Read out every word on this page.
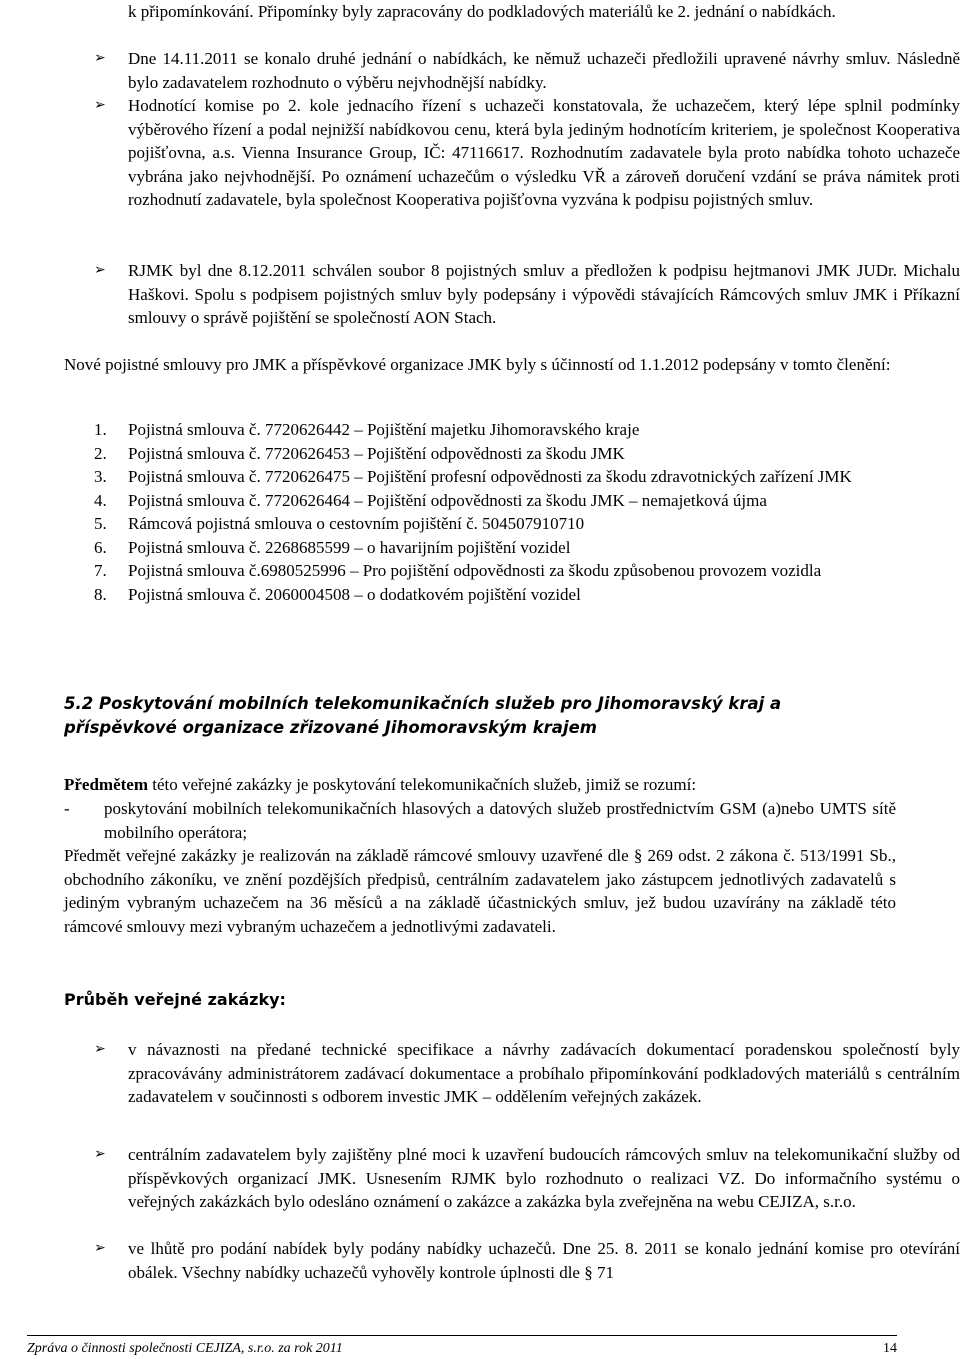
k připomínkování. Připomínky byly zapracovány do podkladových materiálů ke 2. jednání o nabídkách.

➢ Dne 14.11.2011 se konalo druhé jednání o nabídkách, ke němuž uchazeči předložili upravené návrhy smluv. Následně bylo zadavatelem rozhodnuto o výběru nejvhodnější nabídky.

➢ Hodnotící komise po 2. kole jednacího řízení s uchazeči konstatovala, že uchazečem, který lépe splnil podmínky výběrového řízení a podal nejnižší nabídkovou cenu, která byla jediným hodnotícím kriteriem, je společnost Kooperativa pojišťovna, a.s. Vienna Insurance Group, IČ: 47116617. Rozhodnutím zadavatele byla proto nabídka tohoto uchazeče vybrána jako nejvhodnější. Po oznámení uchazečům o výsledku VŘ a zároveň doručení vzdání se práva námitek proti rozhodnutí zadavatele, byla společnost Kooperativa pojišťovna vyzvána k podpisu pojistných smluv.

➢ RJMK byl dne 8.12.2011 schválen soubor 8 pojistných smluv a předložen k podpisu hejtmanovi JMK JUDr. Michalu Haškovi. Spolu s podpisem pojistných smluv byly podepsány i výpovědi stávajících Rámcových smluv JMK i Příkazní smlouvy o správě pojištění se společností AON Stach.

Nové pojistné smlouvy pro JMK a příspěvkové organizace JMK byly s účinností od 1.1.2012 podepsány v tomto členění:

1. Pojistná smlouva č. 7720626442 – Pojištění majetku Jihomoravského kraje

2. Pojistná smlouva č. 7720626453 – Pojištění odpovědnosti za škodu JMK

3. Pojistná smlouva č. 7720626475 – Pojištění profesní odpovědnosti za škodu zdravotnických zařízení JMK

4. Pojistná smlouva č. 7720626464 – Pojištění odpovědnosti za škodu JMK – nemajetková újma

5. Rámcová pojistná smlouva o cestovním pojištění č. 504507910710

6. Pojistná smlouva č. 2268685599 – o havarijním pojištění vozidel

7. Pojistná smlouva č.6980525996 – Pro pojištění odpovědnosti za škodu způsobenou provozem vozidla

8. Pojistná smlouva č. 2060004508 – o dodatkovém pojištění vozidel

5.2 Poskytování mobilních telekomunikačních služeb pro Jihomoravský kraj a příspěvkové organizace zřizované Jihomoravským krajem

Předmětem této veřejné zakázky je poskytování telekomunikačních služeb, jimiž se rozumí:

- poskytování mobilních telekomunikačních hlasových a datových služeb prostřednictvím GSM (a)nebo UMTS sítě mobilního operátora;

Předmět veřejné zakázky je realizován na základě rámcové smlouvy uzavřené dle § 269 odst. 2 zákona č. 513/1991 Sb., obchodního zákoníku, ve znění pozdějších předpisů, centrálním zadavatelem jako zástupcem jednotlivých zadavatelů s jediným vybraným uchazečem na 36 měsíců a na základě účastnických smluv, jež budou uzavírány na základě této rámcové smlouvy mezi vybraným uchazečem a jednotlivými zadavateli.

Průběh veřejné zakázky:

➢ v návaznosti na předané technické specifikace a návrhy zadávacích dokumentací poradenskou společností byly zpracovávány administrátorem zadávací dokumentace a probíhalo připomínkování podkladových materiálů s centrálním zadavatelem v součinnosti s odborem investic JMK – oddělením veřejných zakázek.

➢ centrálním zadavatelem byly zajištěny plné moci k uzavření budoucích rámcových smluv na telekomunikační služby od příspěvkových organizací JMK. Usnesením RJMK bylo rozhodnuto o realizaci VZ. Do informačního systému o veřejných zakázkách bylo odesláno oznámení o zakázce a zakázka byla zveřejněna na webu CEJIZA, s.r.o.

➢ ve lhůtě pro podání nabídek byly podány nabídky uchazečů. Dne 25. 8. 2011 se konalo jednání komise pro otevírání obálek. Všechny nabídky uchazečů vyhověly kontrole úplnosti dle § 71

Zpráva o činnosti společnosti CEJIZA, s.r.o. za rok 2011	14
